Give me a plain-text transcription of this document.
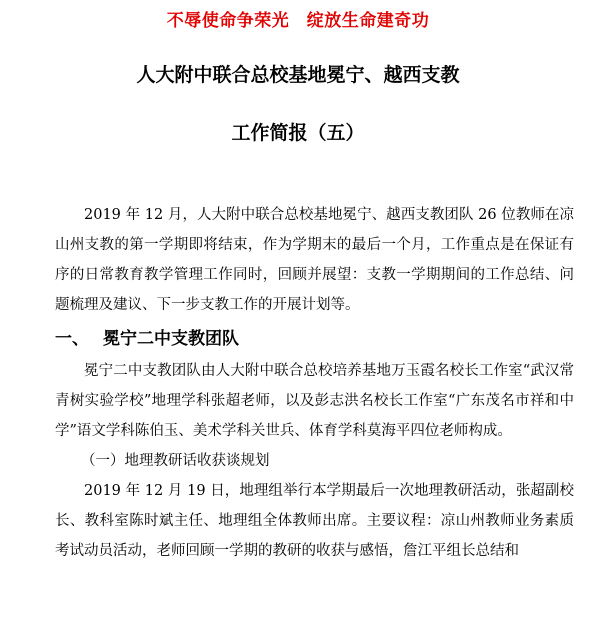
不辱使命争荣光　绽放生命建奇功
人大附中联合总校基地冕宁、越西支教
工作简报（五）

2019 年 12 月，人大附中联合总校基地冕宁、越西支教团队 26 位教师在凉山州支教的第一学期即将结束，作为学期末的最后一个月，工作重点是在保证有序的日常教育教学管理工作同时，回顾并展望：支教一学期期间的工作总结、问题梳理及建议、下一步支教工作的开展计划等。

一、 冕宁二中支教团队

冕宁二中支教团队由人大附中联合总校培养基地万玉霞名校长工作室“武汉常青树实验学校”地理学科张超老师，以及彭志洪名校长工作室“广东茂名市祥和中学”语文学科陈伯玉、美术学科关世兵、体育学科莫海平四位老师构成。

（一）地理教研话收获谈规划

2019 年 12 月 19 日，地理组举行本学期最后一次地理教研活动，张超副校长、教科室陈时斌主任、地理组全体教师出席。主要议程：凉山州教师业务素质考试动员活动，老师回顾一学期的教研的收获与感悟，詹江平组长总结和
